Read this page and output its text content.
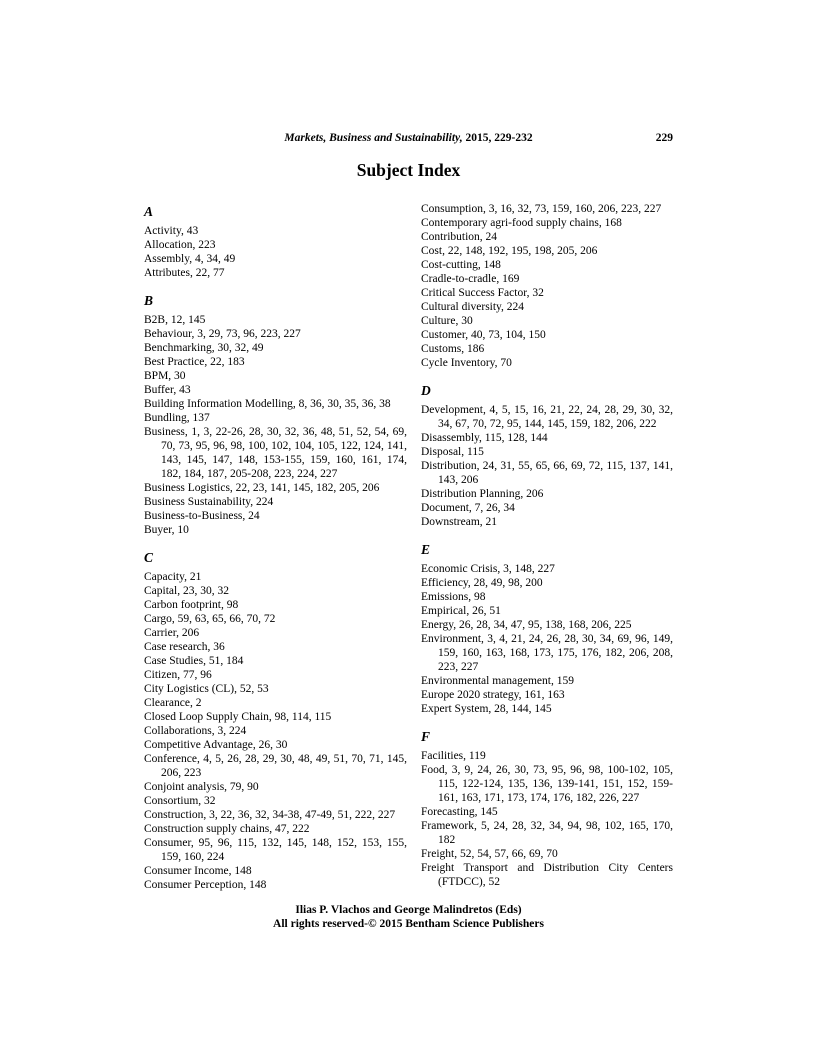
Markets, Business and Sustainability, 2015, 229-232	229
Subject Index
A
Activity, 43
Allocation, 223
Assembly, 4, 34, 49
Attributes, 22, 77
B
B2B, 12, 145
Behaviour, 3, 29, 73, 96, 223, 227
Benchmarking, 30, 32, 49
Best Practice, 22, 183
BPM, 30
Buffer, 43
Building Information Modelling, 8, 36, 30, 35, 36, 38
Bundling, 137
Business, 1, 3, 22-26, 28, 30, 32, 36, 48, 51, 52, 54, 69, 70, 73, 95, 96, 98, 100, 102, 104, 105, 122, 124, 141, 143, 145, 147, 148, 153-155, 159, 160, 161, 174, 182, 184, 187, 205-208, 223, 224, 227
Business Logistics, 22, 23, 141, 145, 182, 205, 206
Business Sustainability, 224
Business-to-Business, 24
Buyer, 10
C
Capacity, 21
Capital, 23, 30, 32
Carbon footprint, 98
Cargo, 59, 63, 65, 66, 70, 72
Carrier, 206
Case research, 36
Case Studies, 51, 184
Citizen, 77, 96
City Logistics (CL), 52, 53
Clearance, 2
Closed Loop Supply Chain, 98, 114, 115
Collaborations, 3, 224
Competitive Advantage, 26, 30
Conference, 4, 5, 26, 28, 29, 30, 48, 49, 51, 70, 71, 145, 206, 223
Conjoint analysis, 79, 90
Consortium, 32
Construction, 3, 22, 36, 32, 34-38, 47-49, 51, 222, 227
Construction supply chains, 47, 222
Consumer, 95, 96, 115, 132, 145, 148, 152, 153, 155, 159, 160, 224
Consumer Income, 148
Consumer Perception, 148
Consumption, 3, 16, 32, 73, 159, 160, 206, 223, 227
Contemporary agri-food supply chains, 168
Contribution, 24
Cost, 22, 148, 192, 195, 198, 205, 206
Cost-cutting, 148
Cradle-to-cradle, 169
Critical Success Factor, 32
Cultural diversity, 224
Culture, 30
Customer, 40, 73, 104, 150
Customs, 186
Cycle Inventory, 70
D
Development, 4, 5, 15, 16, 21, 22, 24, 28, 29, 30, 32, 34, 67, 70, 72, 95, 144, 145, 159, 182, 206, 222
Disassembly, 115, 128, 144
Disposal, 115
Distribution, 24, 31, 55, 65, 66, 69, 72, 115, 137, 141, 143, 206
Distribution Planning, 206
Document, 7, 26, 34
Downstream, 21
E
Economic Crisis, 3, 148, 227
Efficiency, 28, 49, 98, 200
Emissions, 98
Empirical, 26, 51
Energy, 26, 28, 34, 47, 95, 138, 168, 206, 225
Environment, 3, 4, 21, 24, 26, 28, 30, 34, 69, 96, 149, 159, 160, 163, 168, 173, 175, 176, 182, 206, 208, 223, 227
Environmental management, 159
Europe 2020 strategy, 161, 163
Expert System, 28, 144, 145
F
Facilities, 119
Food, 3, 9, 24, 26, 30, 73, 95, 96, 98, 100-102, 105, 115, 122-124, 135, 136, 139-141, 151, 152, 159-161, 163, 171, 173, 174, 176, 182, 226, 227
Forecasting, 145
Framework, 5, 24, 28, 32, 34, 94, 98, 102, 165, 170, 182
Freight, 52, 54, 57, 66, 69, 70
Freight Transport and Distribution City Centers (FTDCC), 52
Ilias P. Vlachos and George Malindretos (Eds)
All rights reserved-© 2015 Bentham Science Publishers
